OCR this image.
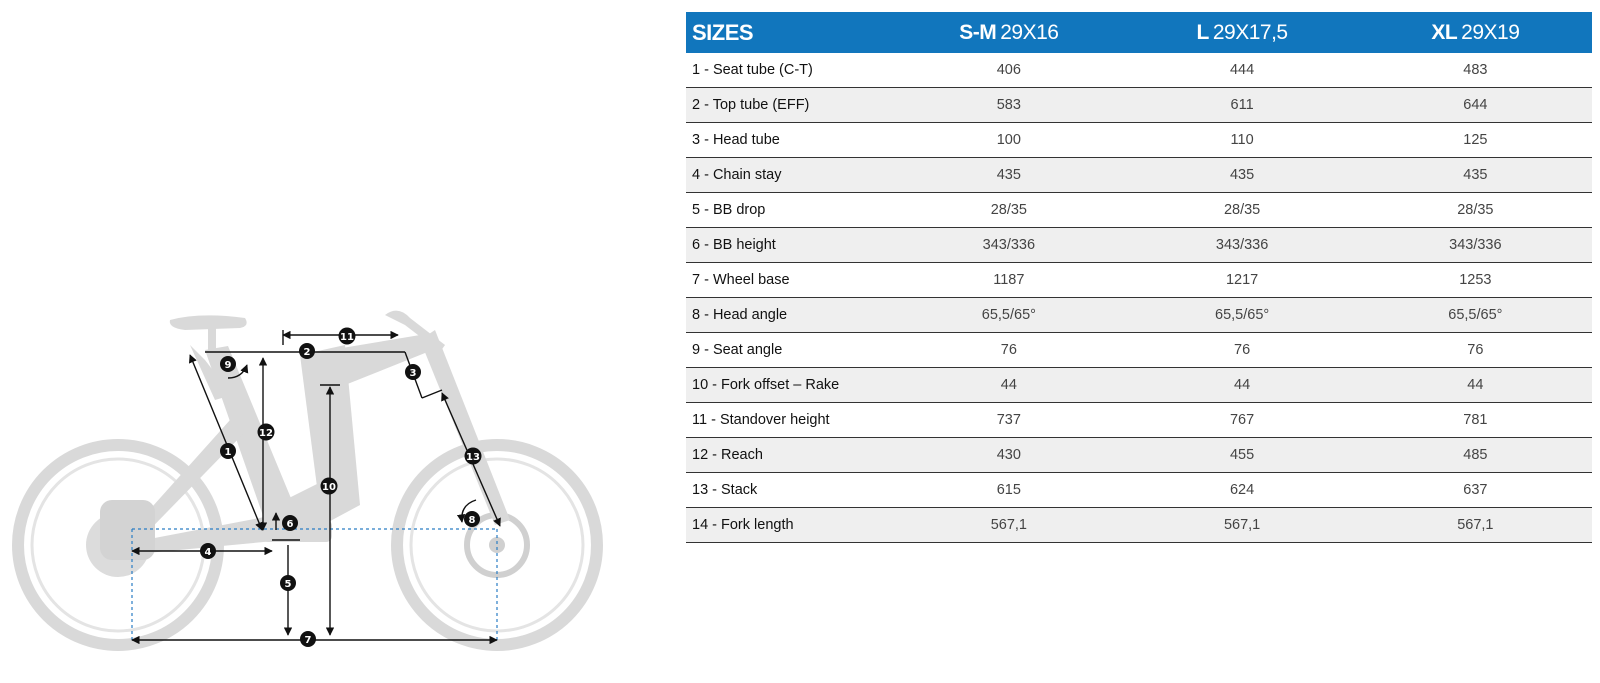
1
2
3
4
5
6
7
8
9
10
11
12
13
SIZES	S-M 29X16	L 29X17,5	XL 29X19
1 - Seat tube (C-T)	406	444	483
2 - Top tube (EFF)	583	611	644
3 - Head tube	100	110	125
4 - Chain stay	435	435	435
5 - BB drop	28/35	28/35	28/35
6 - BB height	343/336	343/336	343/336
7 - Wheel base	1187	1217	1253
8 - Head angle	65,5/65°	65,5/65°	65,5/65°
9 - Seat angle	76	76	76
10 - Fork offset – Rake	44	44	44
11 - Standover height	737	767	781
12 - Reach	430	455	485
13 - Stack	615	624	637
14 - Fork length	567,1	567,1	567,1
